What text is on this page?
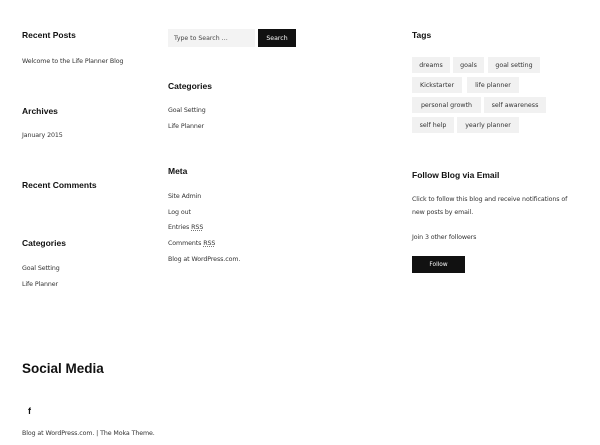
Recent Posts
Welcome to the Life Planner Blog
Archives
January 2015
Recent Comments
Categories
Goal Setting
Life Planner
Type to Search …	Search
Categories
Goal Setting
Life Planner
Meta
Site Admin
Log out
Entries RSS
Comments RSS
Blog at WordPress.com.
Tags
dreams	goals	goal setting
Kickstarter	life planner
personal growth	self awareness
self help	yearly planner
Follow Blog via Email
Click to follow this blog and receive notifications of
new posts by email.
Join 3 other followers
Follow
Social Media
f
Blog at WordPress.com. | The Moka Theme.
